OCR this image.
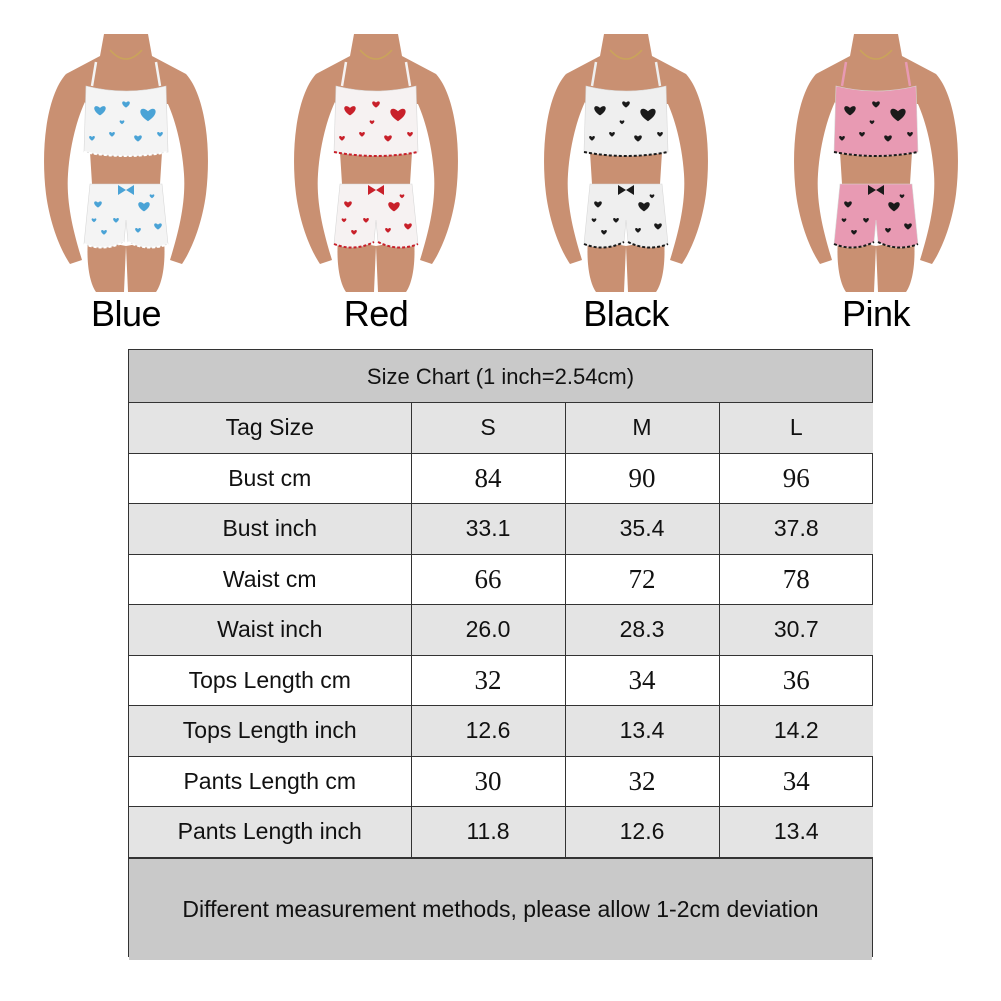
Blue	Red	Black	Pink
Size Chart (1 inch=2.54cm)
Tag Size	S	M	L
Bust cm	84	90	96
Bust inch	33.1	35.4	37.8
Waist cm	66	72	78
Waist inch	26.0	28.3	30.7
Tops Length cm	32	34	36
Tops Length inch	12.6	13.4	14.2
Pants Length cm	30	32	34
Pants Length inch	11.8	12.6	13.4
Different measurement methods, please allow 1-2cm deviation
